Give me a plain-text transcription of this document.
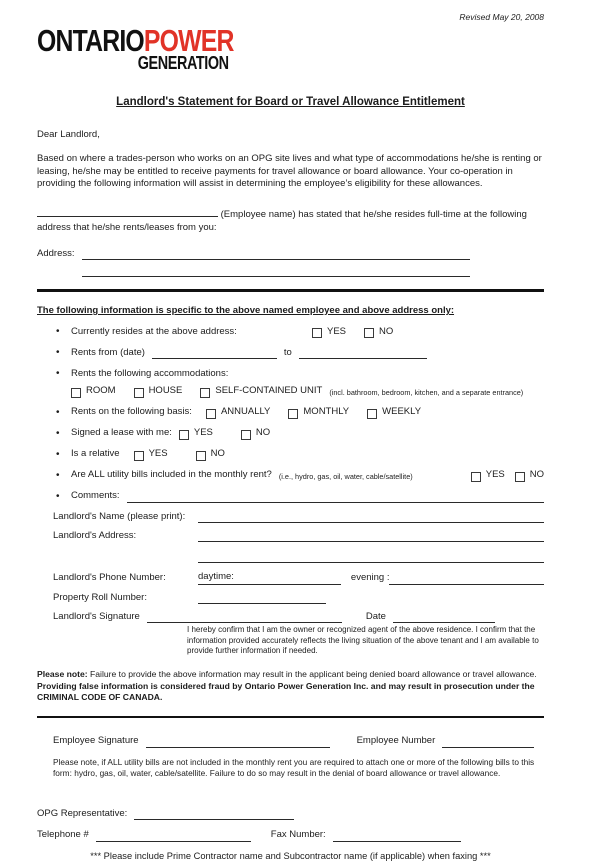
Revised May 20, 2008
ONTARIOPOWER
GENERATION
Landlord's Statement for Board or Travel Allowance Entitlement
Dear Landlord,
Based on where a trades-person who works on an OPG site lives and what type of accommodations he/she is renting or leasing, he/she may be entitled to receive payments for travel allowance or board allowance. Your co-operation in providing the following information will assist in determining the employee’s eligibility for these allowances.
(Employee name) has stated that he/she resides full-time at the following address that he/she rents/leases from you:
Address:
The following information is specific to the above named employee and above address only:
• Currently resides at the above address:	YES	NO
• Rents from (date)	to
• Rents the following accommodations:
ROOM	HOUSE	SELF-CONTAINED UNIT (incl. bathroom, bedroom, kitchen, and a separate entrance)
• Rents on the following basis:	ANNUALLY	MONTHLY	WEEKLY
• Signed a lease with me: YES	NO
• Is a relative	YES	NO
• Are ALL utility bills included in the monthly rent? (i.e., hydro, gas, oil, water, cable/satellite)	YES	NO
• Comments:
Landlord's Name (please print):
Landlord's Address:
Landlord's Phone Number:	daytime:	evening :
Property Roll Number:
Landlord's Signature	Date
I hereby confirm that I am the owner or recognized agent of the above residence. I confirm that the information provided accurately reflects the living situation of the above tenant and I am available to provide further information if needed.
Please note: Failure to provide the above information may result in the applicant being denied board allowance or travel allowance. Providing false information is considered fraud by Ontario Power Generation Inc. and may result in prosecution under the CRIMINAL CODE OF CANADA.
Employee Signature	Employee Number
Please note, if ALL utility bills are not included in the monthly rent you are required to attach one or more of the following bills to this form: hydro, gas, oil, water, cable/satellite. Failure to do so may result in the denial of board allowance or travel allowance.
OPG Representative:
Telephone #	Fax Number:
*** Please include Prime Contractor name and Subcontractor name (if applicable) when faxing ***
